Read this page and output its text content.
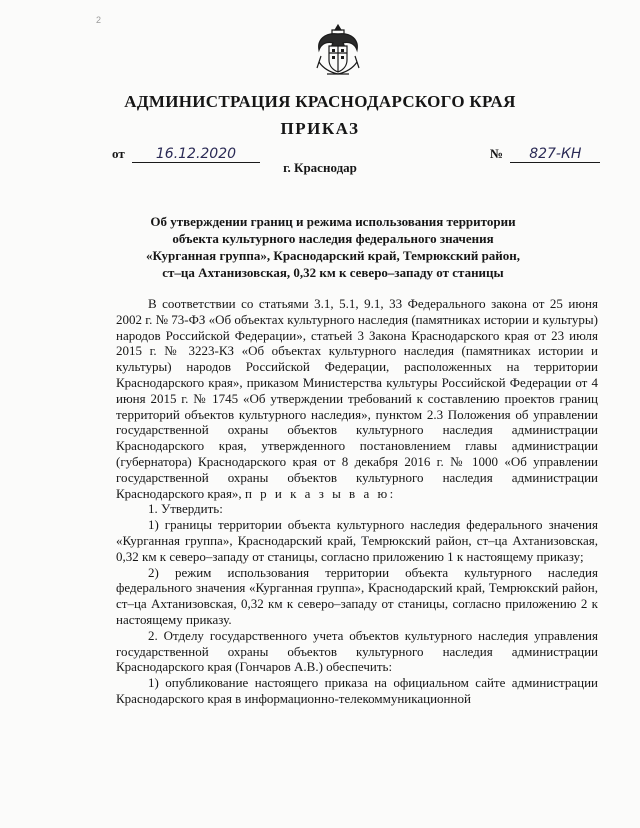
2
АДМИНИСТРАЦИЯ КРАСНОДАРСКОГО КРАЯ
ПРИКАЗ
от 16.12.2020	№ 827-КН
г. Краснодар
Об утверждении границ и режима использования территории
объекта культурного наследия федерального значения
«Курганная группа», Краснодарский край, Темрюкский район,
ст–ца Ахтанизовская, 0,32 км к северо–западу от станицы

В соответствии со статьями 3.1, 5.1, 9.1, 33 Федерального закона от 25 июня 2002 г. № 73-ФЗ «Об объектах культурного наследия (памятниках истории и культуры) народов Российской Федерации», статьей 3 Закона Краснодарского края от 23 июля 2015 г. № 3223-КЗ «Об объектах культурного наследия (памятниках истории и культуры) народов Российской Федерации, расположенных на территории Краснодарского края», приказом Министерства культуры Российской Федерации от 4 июня 2015 г. № 1745 «Об утверждении требований к составлению проектов границ территорий объектов культурного наследия», пунктом 2.3 Положения об управлении государственной охраны объектов культурного наследия администрации Краснодарского края, утвержденного постановлением главы администрации (губернатора) Краснодарского края от 8 декабря 2016 г. № 1000 «Об управлении государственной охраны объектов культурного наследия администрации Краснодарского края», п р и к а з ы в а ю:

1. Утвердить:

1) границы территории объекта культурного наследия федерального значения «Курганная группа», Краснодарский край, Темрюкский район, ст–ца Ахтанизовская, 0,32 км к северо–западу от станицы, согласно приложению 1 к настоящему приказу;

2) режим использования территории объекта культурного наследия федерального значения «Курганная группа», Краснодарский край, Темрюкский район, ст–ца Ахтанизовская, 0,32 км к северо–западу от станицы, согласно приложению 2 к настоящему приказу.

2. Отделу государственного учета объектов культурного наследия управления государственной охраны объектов культурного наследия администрации Краснодарского края (Гончаров А.В.) обеспечить:

1) опубликование настоящего приказа на официальном сайте администрации Краснодарского края в информационно-телекоммуникационной
